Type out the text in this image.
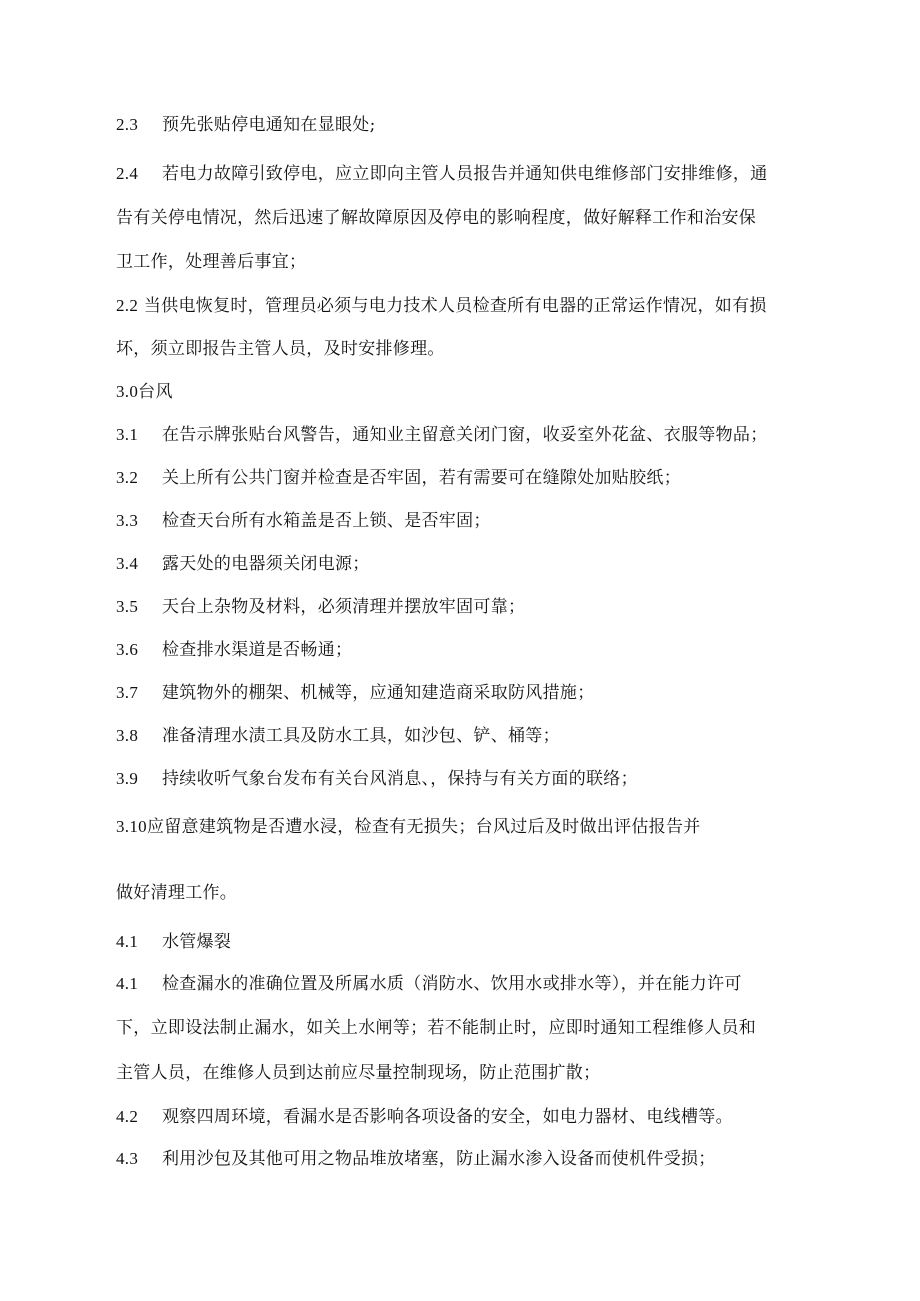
2.3 预先张贴停电通知在显眼处;
2.4 若电力故障引致停电，应立即向主管人员报告并通知供电维修部门安排维修，通
告有关停电情况，然后迅速了解故障原因及停电的影响程度，做好解释工作和治安保
卫工作，处理善后事宜；
2.2 当供电恢复时，管理员必须与电力技术人员检查所有电器的正常运作情况，如有损
坏，须立即报告主管人员，及时安排修理。
3.0台风
3.1 在告示牌张贴台风警告，通知业主留意关闭门窗，收妥室外花盆、衣服等物品；
3.2 关上所有公共门窗并检查是否牢固，若有需要可在缝隙处加贴胶纸；
3.3 检查天台所有水箱盖是否上锁、是否牢固；
3.4 露天处的电器须关闭电源；
3.5 天台上杂物及材料，必须清理并摆放牢固可靠；
3.6 检查排水渠道是否畅通；
3.7 建筑物外的棚架、机械等，应通知建造商采取防风措施；
3.8 准备清理水渍工具及防水工具，如沙包、铲、桶等；
3.9 持续收听气象台发布有关台风消息、，保持与有关方面的联络；
3.10应留意建筑物是否遭水浸，检查有无损失；台风过后及时做出评估报告并
做好清理工作。
4.1 水管爆裂
4.1 检查漏水的准确位置及所属水质（消防水、饮用水或排水等），并在能力许可
下，立即设法制止漏水，如关上水闸等；若不能制止时，应即时通知工程维修人员和
主管人员，在维修人员到达前应尽量控制现场，防止范围扩散；
4.2 观察四周环境，看漏水是否影响各项设备的安全，如电力器材、电线槽等。
4.3 利用沙包及其他可用之物品堆放堵塞，防止漏水渗入设备而使机件受损；
